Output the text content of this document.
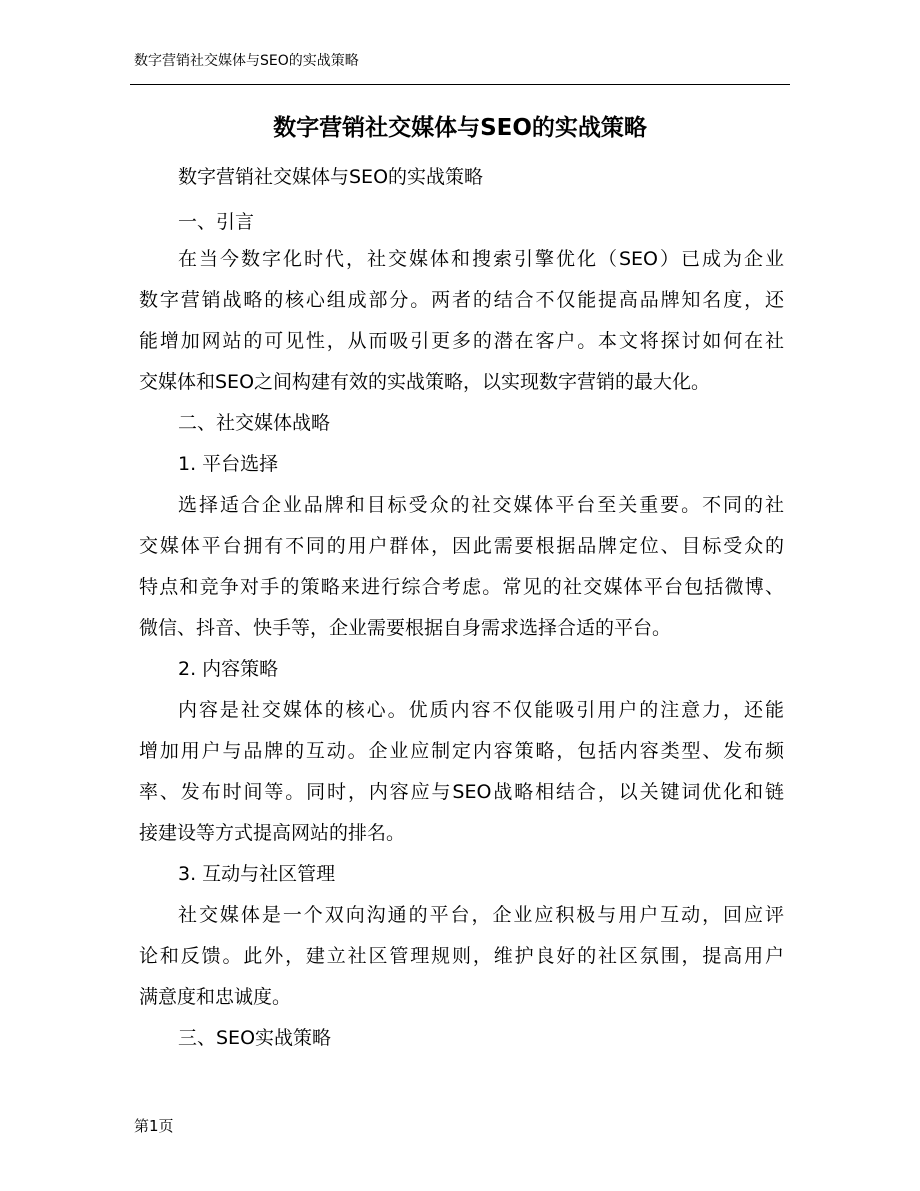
数字营销社交媒体与SEO的实战策略
数字营销社交媒体与SEO的实战策略
数字营销社交媒体与SEO的实战策略
一、引言
在当今数字化时代，社交媒体和搜索引擎优化（SEO）已成为企业
数字营销战略的核心组成部分。两者的结合不仅能提高品牌知名度，还
能增加网站的可见性，从而吸引更多的潜在客户。本文将探讨如何在社
交媒体和SEO之间构建有效的实战策略，以实现数字营销的最大化。
二、社交媒体战略
1. 平台选择
选择适合企业品牌和目标受众的社交媒体平台至关重要。不同的社
交媒体平台拥有不同的用户群体，因此需要根据品牌定位、目标受众的
特点和竞争对手的策略来进行综合考虑。常见的社交媒体平台包括微博、
微信、抖音、快手等，企业需要根据自身需求选择合适的平台。
2. 内容策略
内容是社交媒体的核心。优质内容不仅能吸引用户的注意力，还能
增加用户与品牌的互动。企业应制定内容策略，包括内容类型、发布频
率、发布时间等。同时，内容应与SEO战略相结合，以关键词优化和链
接建设等方式提高网站的排名。
3. 互动与社区管理
社交媒体是一个双向沟通的平台，企业应积极与用户互动，回应评
论和反馈。此外，建立社区管理规则，维护良好的社区氛围，提高用户
满意度和忠诚度。
三、SEO实战策略
第1页
